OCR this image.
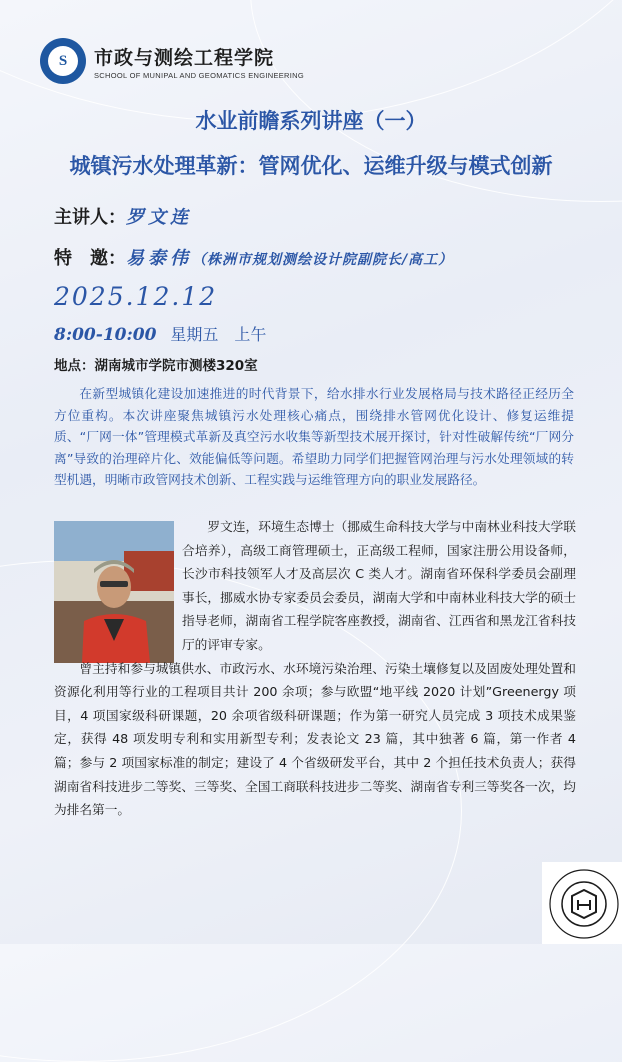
S	市政与测绘工程学院
SCHOOL OF MUNIPAL AND GEOMATICS ENGINEERING
水业前瞻系列讲座（一）
城镇污水处理革新：管网优化、运维升级与模式创新
主讲人：罗文连
特　邀：易泰伟（株洲市规划测绘设计院副院长/高工）
2025.12.12
8:00-10:00 星期五　上午
地点：湖南城市学院市测楼320室

在新型城镇化建设加速推进的时代背景下，给水排水行业发展格局与技术路径正经历全方位重构。本次讲座聚焦城镇污水处理核心痛点，围绕排水管网优化设计、修复运维提质、“厂网一体”管理模式革新及真空污水收集等新型技术展开探讨，针对性破解传统“厂网分离”导致的治理碎片化、效能偏低等问题。希望助力同学们把握管网治理与污水处理领域的转型机遇，明晰市政管网技术创新、工程实践与运维管理方向的职业发展路径。

罗文连，环境生态博士（挪威生命科技大学与中南林业科技大学联合培养），高级工商管理硕士，正高级工程师，国家注册公用设备师，长沙市科技领军人才及高层次 C 类人才。湖南省环保科学委员会副理事长，挪威水协专家委员会委员，湖南大学和中南林业科技大学的硕士指导老师，湖南省工程学院客座教授，湖南省、江西省和黑龙江省科技厅的评审专家。

曾主持和参与城镇供水、市政污水、水环境污染治理、污染土壤修复以及固废处理处置和资源化利用等行业的工程项目共计 200 余项；参与欧盟“地平线 2020 计划”Greenergy 项目，4 项国家级科研课题，20 余项省级科研课题；作为第一研究人员完成 3 项技术成果鉴定，获得 48 项发明专利和实用新型专利；发表论文 23 篇，其中独著 6 篇，第一作者 4 篇；参与 2 项国家标准的制定；建设了 4 个省级研发平台，其中 2 个担任技术负责人；获得湖南省科技进步二等奖、三等奖、全国工商联科技进步二等奖、湖南省专利三等奖各一次，均为排名第一。
